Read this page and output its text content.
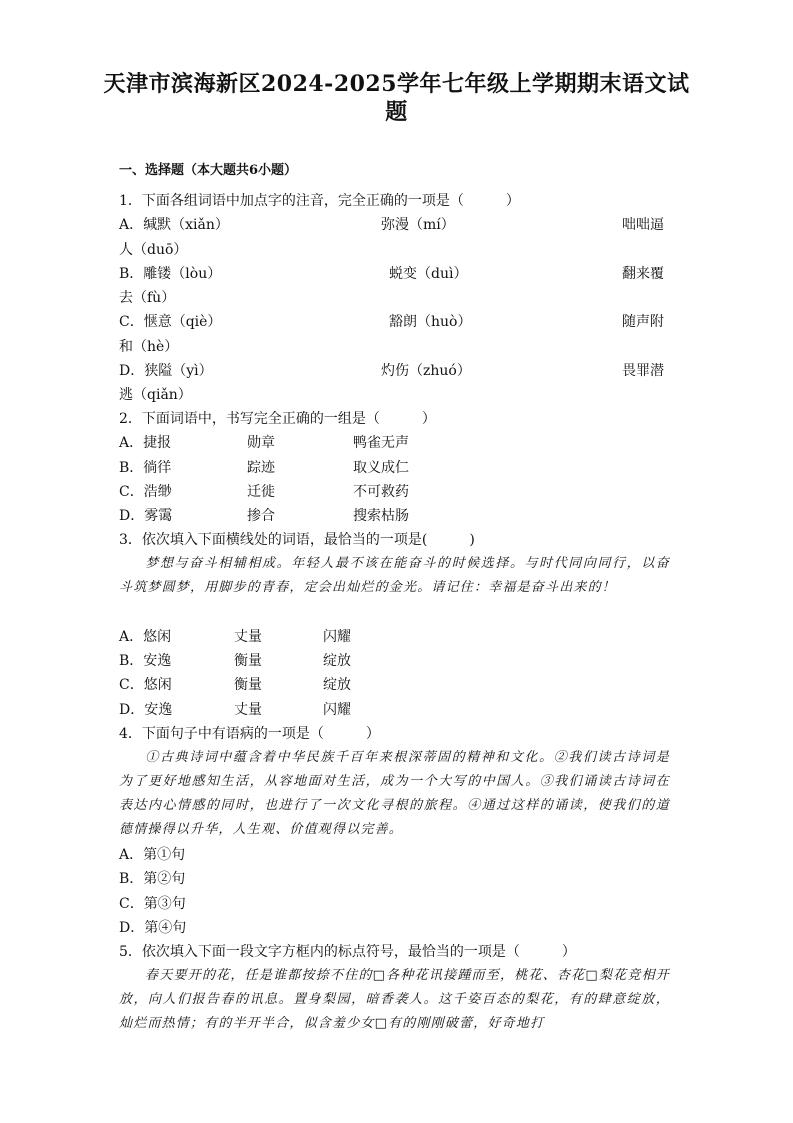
天津市滨海新区2024-2025学年七年级上学期期末语文试
题
一、选择题（本大题共6小题）
1．下面各组词语中加点字的注音，完全正确的一项是（　　　）
A．缄默（xiǎn）	弥漫（mí）	咄咄逼
人（duō）
B．雕镂（lòu）	蜕变（duì）	翻来覆
去（fù）
C．惬意（qiè）	豁朗（huò）	随声附
和（hè）
D．狭隘（yì）	灼伤（zhuó）	畏罪潜
逃（qiǎn）
2．下面词语中，书写完全正确的一组是（　　　）
A．捷报	勋章	鸭雀无声
B．徜徉	踪迹	取义成仁
C．浩缈	迁徙	不可救药
D．雾霭	掺合	搜索枯肠
3．依次填入下面横线处的词语，最恰当的一项是(　　　)
梦想与奋斗相辅相成。年轻人最不该在能奋斗的时候选择。与时代同向同行，以奋斗筑梦圆梦，用脚步的青春，定会出灿烂的金光。请记住：幸福是奋斗出来的！
A．悠闲	丈量	闪耀
B．安逸	衡量	绽放
C．悠闲	衡量	绽放
D．安逸	丈量	闪耀
4．下面句子中有语病的一项是（　　　）
①古典诗词中蕴含着中华民族千百年来根深蒂固的精神和文化。②我们读古诗词是为了更好地感知生活，从容地面对生活，成为一个大写的中国人。③我们诵读古诗词在表达内心情感的同时，也进行了一次文化寻根的旅程。④通过这样的诵读，使我们的道德情操得以升华，人生观、价值观得以完善。
A．第①句
B．第②句
C．第③句
D．第④句
5．依次填入下面一段文字方框内的标点符号，最恰当的一项是（　　　）
春天要开的花，任是谁都按捺不住的□各种花讯接踵而至，桃花、杏花□梨花竞相开放，向人们报告春的讯息。置身梨园，暗香袭人。这千姿百态的梨花，有的肆意绽放，灿烂而热情；有的半开半合，似含羞少女□有的刚刚破蕾，好奇地打
